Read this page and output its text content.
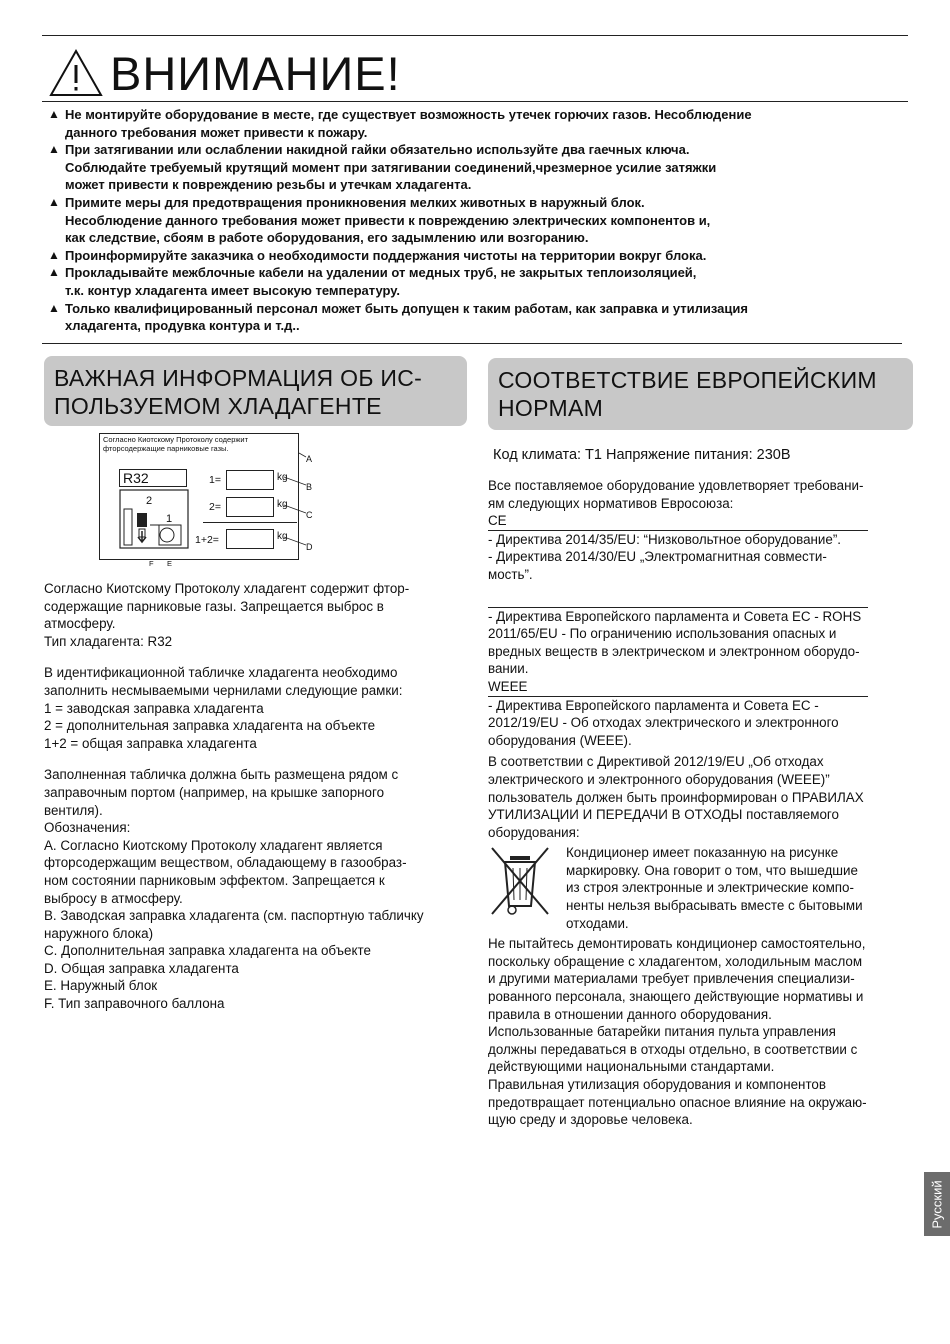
ВНИМАНИЕ!
▲ Не монтируйте оборудование в месте, где существует возможность утечек горючих газов. Несоблюдение
данного требования может привести к пожару.
▲ При затягивании или ослаблении накидной гайки обязательно используйте два гаечных ключа.
Соблюдайте требуемый крутящий момент при затягивании соединений,чрезмерное усилие затяжки
может привести к повреждению резьбы и утечкам хладагента.
▲ Примите меры для предотвращения проникновения мелких животных в наружный блок.
Несоблюдение данного требования может привести к повреждению электрических компонентов и,
как следствие, сбоям в работе оборудования, его задымлению или возгоранию.
▲ Проинформируйте заказчика о необходимости поддержания чистоты на территории вокруг блока.
▲ Прокладывайте межблочные кабели на удалении от медных труб, не закрытых теплоизоляцией,
т.к. контур хладагента имеет высокую температуру.
▲ Только квалифицированный персонал может быть допущен к таким работам, как заправка и утилизация
хладагента, продувка контура и т.д..
ВАЖНАЯ ИНФОРМАЦИЯ ОБ ИС-
ПОЛЬЗУЕМОМ ХЛАДАГЕНТЕ
Согласно Киотскому Протоколу содержит
фторсодержащие парниковые газы.
R32
2
1
1=	kg
2=	kg
1+2=	kg
A
B
C
D
F E

Согласно Киотскому Протоколу хладагент содержит фтор-
содержащие парниковые газы. Запрещается выброс в
атмосферу.
Тип хладагента: R32

В идентификационной табличке хладагента необходимо
заполнить несмываемыми чернилами следующие рамки:
1 = заводская заправка хладагента
2 = дополнительная заправка хладагента на объекте
1+2 = общая заправка хладагента

Заполненная табличка должна быть размещена рядом с
заправочным портом (например, на крышке запорного
вентиля).
Обозначения:
A. Согласно Киотскому Протоколу хладагент является
фторсодержащим веществом, обладающему в газообраз-
ном состоянии парниковым эффектом. Запрещается к
выбросу в атмосферу.
B. Заводская заправка хладагента (см. паспортную табличку
наружного блока)
C. Дополнительная заправка хладагента на объекте
D. Общая заправка хладагента
E. Наружный блок
F. Тип заправочного баллона

СООТВЕТСТВИЕ ЕВРОПЕЙСКИМ
НОРМАМ
Код климата: T1 Напряжение питания: 230В

Все поставляемое оборудование удовлетворяет требовани-
ям следующих нормативов Евросоюза:

CE

- Директива 2014/35/EU: “Низковольтное оборудование”.
- Директива 2014/30/EU „Электромагнитная совмести-
мость”.

- Директива Европейского парламента и Совета ЕС - ROHS
2011/65/EU - По ограничению использования опасных и
вредных веществ в электрическом и электронном оборудо-
вании.

WEEE

- Директива Европейского парламента и Совета ЕС -
2012/19/EU - Об отходах электрического и электронного
оборудования (WEEE).

В соответствии с Директивой 2012/19/EU „Об отходах
электрического и электронного оборудования (WEEE)”
пользователь должен быть проинформирован о ПРАВИЛАХ
УТИЛИЗАЦИИ И ПЕРЕДАЧИ В ОТХОДЫ поставляемого
оборудования:

Кондиционер имеет показанную на рисунке
маркировку. Она говорит о том, что вышедшие
из строя электронные и электрические компо-
ненты нельзя выбрасывать вместе с бытовыми
отходами.

Не пытайтесь демонтировать кондиционер самостоятельно,
поскольку обращение с хладагентом, холодильным маслом
и другими материалами требует привлечения специализи-
рованного персонала, знающего действующие нормативы и
правила в отношении данного оборудования.
Использованные батарейки питания пульта управления
должны передаваться в отходы отдельно, в соответствии с
действующими национальными стандартами.
Правильная утилизация оборудования и компонентов
предотвращает потенциально опасное влияние на окружаю-
щую среду и здоровье человека.

Русский
